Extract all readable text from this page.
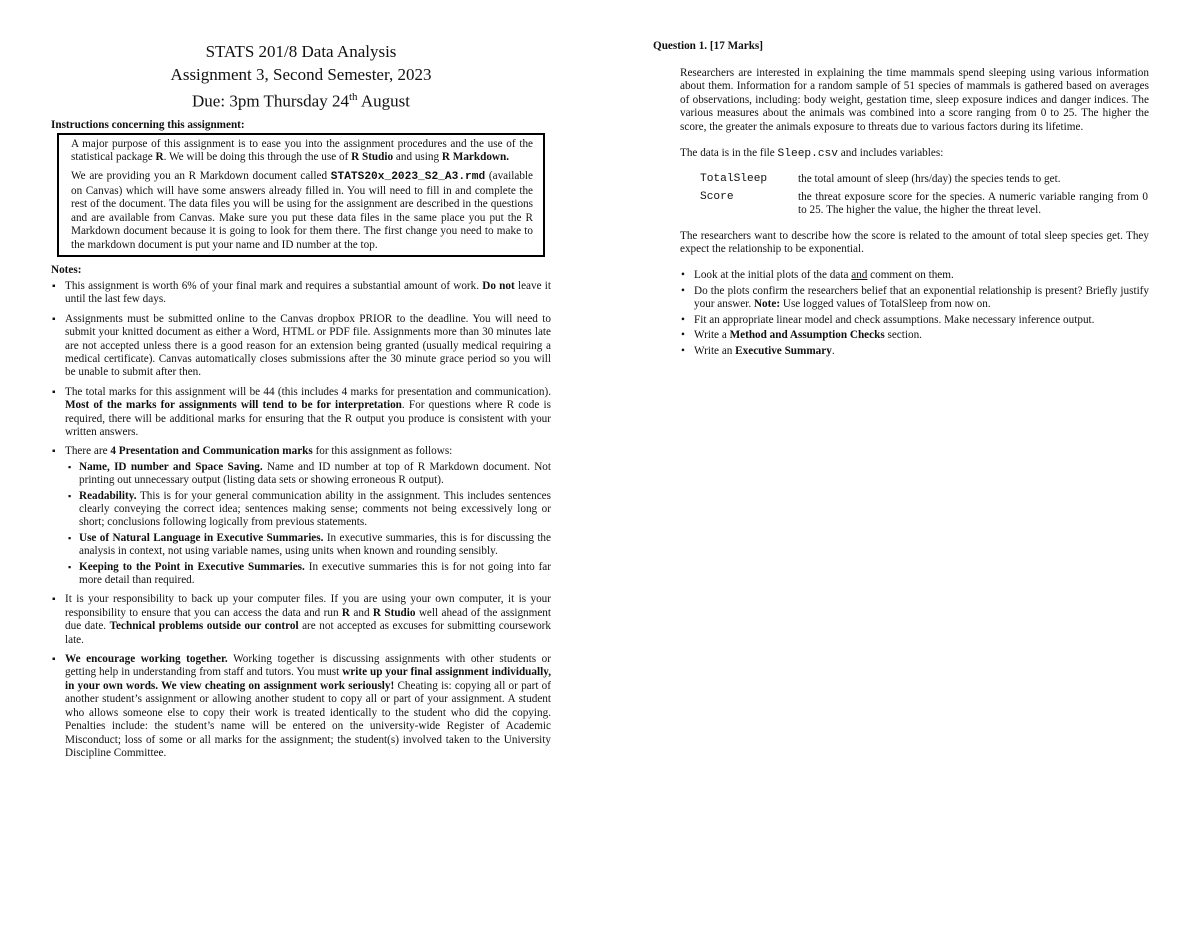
STATS 201/8 Data Analysis
Assignment 3, Second Semester, 2023
Due: 3pm Thursday 24th August
Instructions concerning this assignment:

A major purpose of this assignment is to ease you into the assignment procedures and the use of the statistical package R. We will be doing this through the use of R Studio and using R Markdown.

We are providing you an R Markdown document called STATS20x_2023_S2_A3.rmd (available on Canvas) which will have some answers already filled in. You will need to fill in and complete the rest of the document. The data files you will be using for the assignment are described in the questions and are available from Canvas. Make sure you put these data files in the same place you put the R Markdown document because it is going to look for them there. The first change you need to make to the markdown document is put your name and ID number at the top.

Notes:
▪ This assignment is worth 6% of your final mark and requires a substantial amount of work. Do not leave it until the last few days.
▪ Assignments must be submitted online to the Canvas dropbox PRIOR to the deadline. You will need to submit your knitted document as either a Word, HTML or PDF file. Assignments more than 30 minutes late are not accepted unless there is a good reason for an extension being granted (usually medical requiring a medical certificate). Canvas automatically closes submissions after the 30 minute grace period so you will be unable to submit after then.
▪ The total marks for this assignment will be 44 (this includes 4 marks for presentation and communication). Most of the marks for assignments will tend to be for interpretation. For questions where R code is required, there will be additional marks for ensuring that the R output you produce is consistent with your written answers.
▪ There are 4 Presentation and Communication marks for this assignment as follows:
▪ Name, ID number and Space Saving. Name and ID number at top of R Markdown document. Not printing out unnecessary output (listing data sets or showing erroneous R output).
▪ Readability. This is for your general communication ability in the assignment. This includes sentences clearly conveying the correct idea; sentences making sense; comments not being excessively long or short; conclusions following logically from previous statements.
▪ Use of Natural Language in Executive Summaries. In executive summaries, this is for discussing the analysis in context, not using variable names, using units when known and rounding sensibly.
▪ Keeping to the Point in Executive Summaries. In executive summaries this is for not going into far more detail than required.
▪ It is your responsibility to back up your computer files. If you are using your own computer, it is your responsibility to ensure that you can access the data and run R and R Studio well ahead of the assignment due date. Technical problems outside our control are not accepted as excuses for submitting coursework late.
▪ We encourage working together. Working together is discussing assignments with other students or getting help in understanding from staff and tutors. You must write up your final assignment individually, in your own words. We view cheating on assignment work seriously! Cheating is: copying all or part of another student’s assignment or allowing another student to copy all or part of your assignment. A student who allows someone else to copy their work is treated identically to the student who did the copying. Penalties include: the student’s name will be entered on the university-wide Register of Academic Misconduct; loss of some or all marks for the assignment; the student(s) involved taken to the University Discipline Committee.
Question 1. [17 Marks]

Researchers are interested in explaining the time mammals spend sleeping using various information about them. Information for a random sample of 51 species of mammals is gathered based on averages of observations, including: body weight, gestation time, sleep exposure indices and danger indices. The various measures about the animals was combined into a score ranging from 0 to 25. The higher the score, the greater the animals exposure to threats due to various factors during its lifetime.

The data is in the file Sleep.csv and includes variables:

TotalSleep	the total amount of sleep (hrs/day) the species tends to get.
Score	the threat exposure score for the species. A numeric variable ranging from 0 to 25. The higher the value, the higher the threat level.

The researchers want to describe how the score is related to the amount of total sleep species get. They expect the relationship to be exponential.

• Look at the initial plots of the data and comment on them.
• Do the plots confirm the researchers belief that an exponential relationship is present? Briefly justify your answer. Note: Use logged values of TotalSleep from now on.
• Fit an appropriate linear model and check assumptions. Make necessary inference output.
• Write a Method and Assumption Checks section.
• Write an Executive Summary.
